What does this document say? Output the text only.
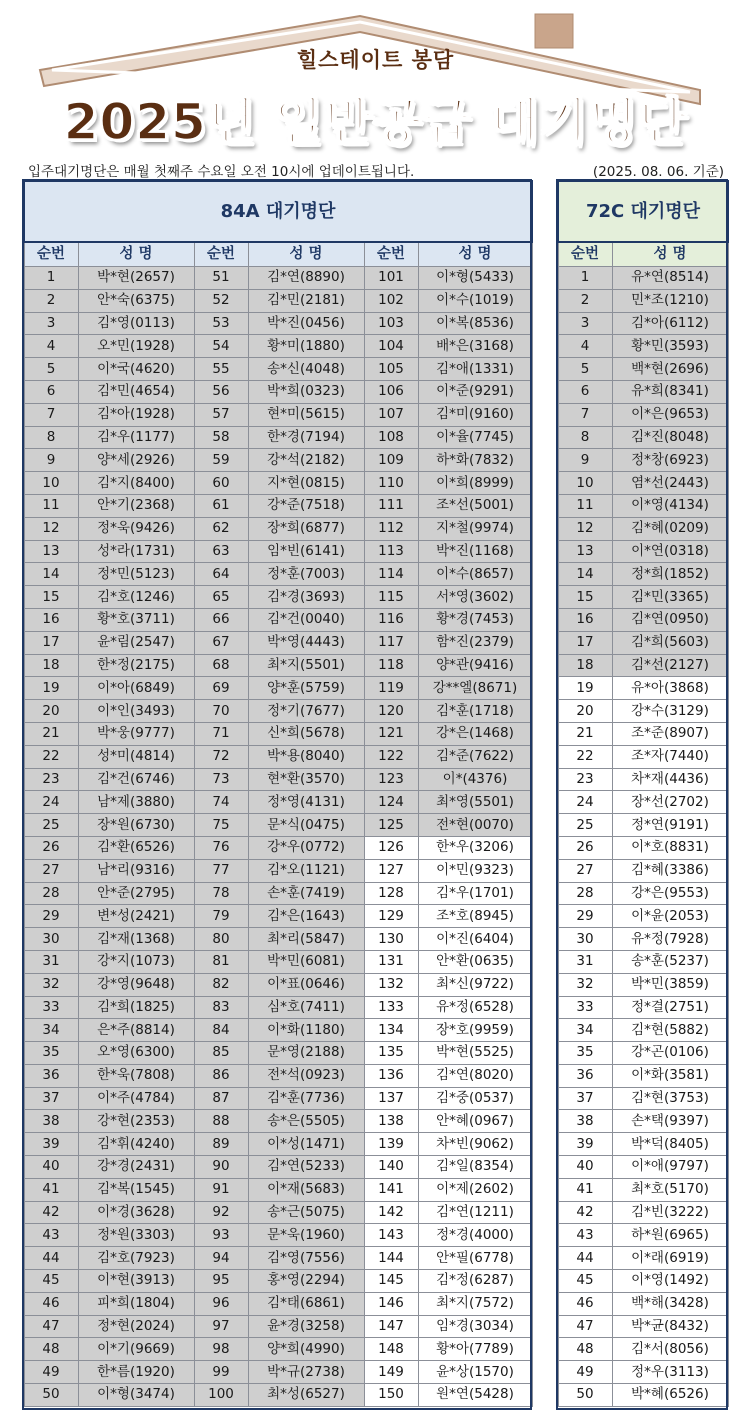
힐스테이트 봉담
2025년 일반공급 대기명단
입주대기명단은 매월 첫째주 수요일 오전 10시에 업데이트됩니다.	(2025. 08. 06. 기준)
84A 대기명단					
순번	성 명	순번	성 명	순번	성 명
1	박*현(2657)	51	김*연(8890)	101	이*형(5433)
2	안*숙(6375)	52	김*민(2181)	102	이*수(1019)
3	김*영(0113)	53	박*진(0456)	103	이*복(8536)
4	오*민(1928)	54	황*미(1880)	104	배*은(3168)
5	이*국(4620)	55	송*신(4048)	105	김*애(1331)
6	김*민(4654)	56	박*희(0323)	106	이*준(9291)
7	김*아(1928)	57	현*미(5615)	107	김*미(9160)
8	김*우(1177)	58	한*경(7194)	108	이*율(7745)
9	양*세(2926)	59	강*석(2182)	109	하*화(7832)
10	김*지(8400)	60	지*현(0815)	110	이*희(8999)
11	안*기(2368)	61	강*준(7518)	111	조*선(5001)
12	정*욱(9426)	62	장*희(6877)	112	지*철(9974)
13	성*라(1731)	63	임*빈(6141)	113	박*진(1168)
14	정*민(5123)	64	정*훈(7003)	114	이*수(8657)
15	김*호(1246)	65	김*경(3693)	115	서*영(3602)
16	황*호(3711)	66	김*건(0040)	116	황*경(7453)
17	윤*림(2547)	67	박*영(4443)	117	함*진(2379)
18	한*정(2175)	68	최*지(5501)	118	양*관(9416)
19	이*아(6849)	69	양*훈(5759)	119	강**엘(8671)
20	이*인(3493)	70	정*기(7677)	120	김*훈(1718)
21	박*웅(9777)	71	신*희(5678)	121	강*은(1468)
22	성*미(4814)	72	박*용(8040)	122	김*준(7622)
23	김*건(6746)	73	현*환(3570)	123	이*(4376)
24	남*제(3880)	74	정*영(4131)	124	최*영(5501)
25	장*원(6730)	75	문*식(0475)	125	전*현(0070)
26	김*환(6526)	76	강*우(0772)	126	한*우(3206)
27	남*리(9316)	77	김*오(1121)	127	이*민(9323)
28	안*준(2795)	78	손*훈(7419)	128	김*우(1701)
29	변*성(2421)	79	김*은(1643)	129	조*호(8945)
30	김*재(1368)	80	최*리(5847)	130	이*진(6404)
31	강*지(1073)	81	박*민(6081)	131	안*환(0635)
32	강*영(9648)	82	이*표(0646)	132	최*신(9722)
33	김*희(1825)	83	심*호(7411)	133	유*정(6528)
34	은*주(8814)	84	이*화(1180)	134	장*호(9959)
35	오*영(6300)	85	문*영(2188)	135	박*현(5525)
36	한*욱(7808)	86	전*석(0923)	136	김*연(8020)
37	이*주(4784)	87	김*훈(7736)	137	김*중(0537)
38	강*현(2353)	88	송*은(5505)	138	안*혜(0967)
39	김*휘(4240)	89	이*성(1471)	139	차*빈(9062)
40	강*경(2431)	90	김*연(5233)	140	김*일(8354)
41	김*복(1545)	91	이*재(5683)	141	이*제(2602)
42	이*경(3628)	92	송*근(5075)	142	김*연(1211)
43	정*원(3303)	93	문*욱(1960)	143	정*경(4000)
44	김*호(7923)	94	김*영(7556)	144	안*필(6778)
45	이*현(3913)	95	홍*영(2294)	145	김*정(6287)
46	피*희(1804)	96	김*태(6861)	146	최*지(7572)
47	정*현(2024)	97	윤*경(3258)	147	임*경(3034)
48	이*기(9669)	98	양*희(4990)	148	황*아(7789)
49	한*름(1920)	99	박*규(2738)	149	윤*상(1570)
50	이*형(3474)	100	최*성(6527)	150	원*연(5428)
72C 대기명단	
순번	성 명
1	유*연(8514)
2	민*조(1210)
3	김*아(6112)
4	황*민(3593)
5	백*현(2696)
6	유*희(8341)
7	이*은(9653)
8	김*진(8048)
9	정*창(6923)
10	염*선(2443)
11	이*영(4134)
12	김*혜(0209)
13	이*연(0318)
14	정*희(1852)
15	김*민(3365)
16	김*연(0950)
17	김*희(5603)
18	김*선(2127)
19	유*아(3868)
20	강*수(3129)
21	조*준(8907)
22	조*자(7440)
23	차*재(4436)
24	장*선(2702)
25	정*연(9191)
26	이*호(8831)
27	김*혜(3386)
28	강*은(9553)
29	이*윤(2053)
30	유*정(7928)
31	송*훈(5237)
32	박*민(3859)
33	정*결(2751)
34	김*현(5882)
35	강*곤(0106)
36	이*화(3581)
37	김*현(3753)
38	손*택(9397)
39	박*덕(8405)
40	이*애(9797)
41	최*호(5170)
42	김*빈(3222)
43	하*원(6965)
44	이*래(6919)
45	이*영(1492)
46	백*해(3428)
47	박*균(8432)
48	김*서(8056)
49	정*우(3113)
50	박*혜(6526)
